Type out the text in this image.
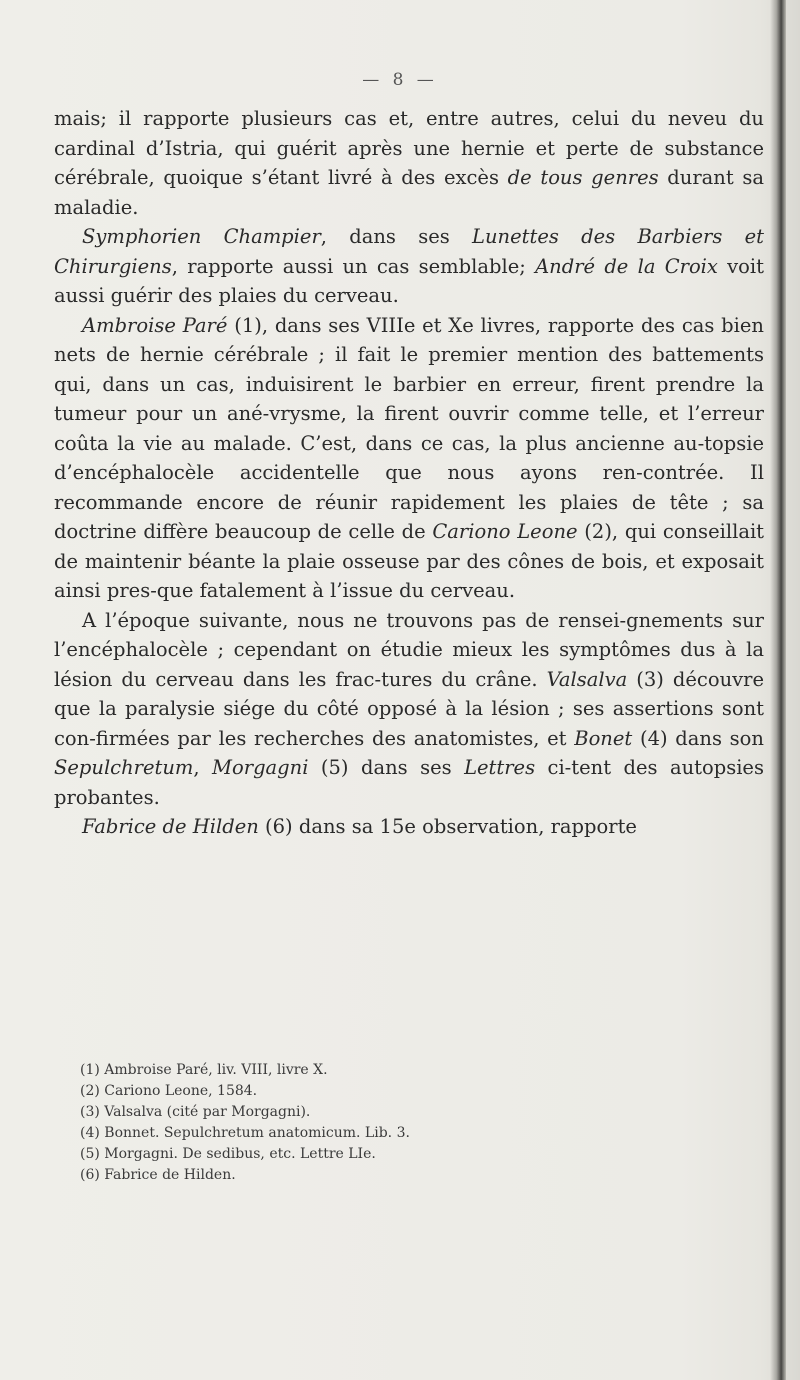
— 8 —

mais; il rapporte plusieurs cas et, entre autres, celui du neveu du cardinal d’Istria, qui guérit après une hernie et perte de substance cérébrale, quoique s’étant livré à des excès de tous genres durant sa maladie.

Symphorien Champier, dans ses Lunettes des Barbiers et Chirurgiens, rapporte aussi un cas semblable; André de la Croix voit aussi guérir des plaies du cerveau.

Ambroise Paré (1), dans ses VIIIe et Xe livres, rapporte des cas bien nets de hernie cérébrale ; il fait le premier mention des battements qui, dans un cas, induisirent le barbier en erreur, firent prendre la tumeur pour un ané-vrysme, la firent ouvrir comme telle, et l’erreur coûta la vie au malade. C’est, dans ce cas, la plus ancienne au-topsie d’encéphalocèle accidentelle que nous ayons ren-contrée. Il recommande encore de réunir rapidement les plaies de tête ; sa doctrine diffère beaucoup de celle de Cariono Leone (2), qui conseillait de maintenir béante la plaie osseuse par des cônes de bois, et exposait ainsi pres-que fatalement à l’issue du cerveau.

A l’époque suivante, nous ne trouvons pas de rensei-gnements sur l’encéphalocèle ; cependant on étudie mieux les symptômes dus à la lésion du cerveau dans les frac-tures du crâne. Valsalva (3) découvre que la paralysie siége du côté opposé à la lésion ; ses assertions sont con-firmées par les recherches des anatomistes, et Bonet (4) dans son Sepulchretum, Morgagni (5) dans ses Lettres ci-tent des autopsies probantes.

Fabrice de Hilden (6) dans sa 15e observation, rapporte

(1) Ambroise Paré, liv. VIII, livre X.
(2) Cariono Leone, 1584.
(3) Valsalva (cité par Morgagni).
(4) Bonnet. Sepulchretum anatomicum. Lib. 3.
(5) Morgagni. De sedibus, etc. Lettre LIe.
(6) Fabrice de Hilden.
